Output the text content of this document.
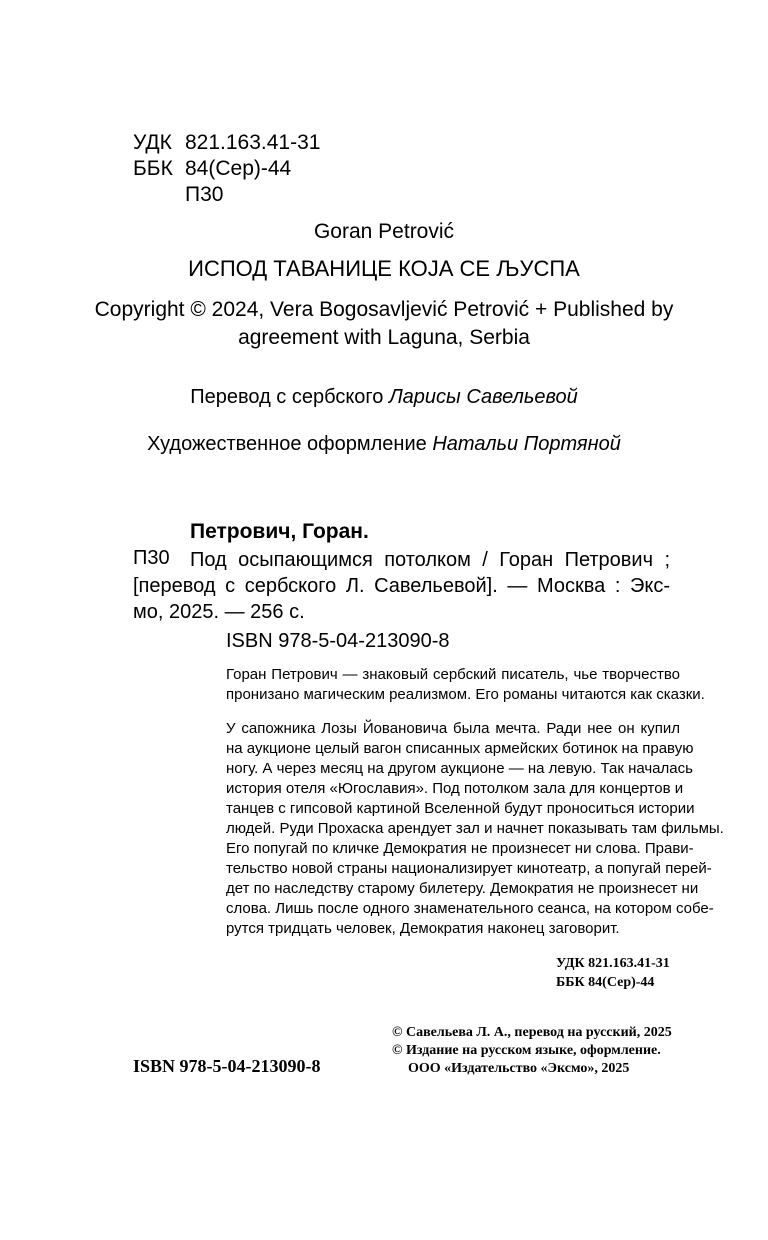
УДК 821.163.41-31
ББК 84(Сер)-44
П30
Goran Petrović
ИСПОД ТАВАНИЦЕ КОЈА СЕ ЉУСПА
Copyright © 2024, Vera Bogosavljević Petrović + Published by
agreement with Laguna, Serbia
Перевод с сербского Ларисы Савельевой
Художественное оформление Натальи Портяной
Петрович, Горан.
П30 Под осыпающимся потолком / Горан Петрович ;
[перевод с сербского Л. Савельевой]. — Москва : Экс-
мо, 2025. — 256 с.
ISBN 978-5-04-213090-8
Горан Петрович — знаковый сербский писатель, чье творчество
пронизано магическим реализмом. Его романы читаются как сказки.
У сапожника Лозы Йовановича была мечта. Ради нее он купил
на аукционе целый вагон списанных армейских ботинок на правую
ногу. А через месяц на другом аукционе — на левую. Так началась
история отеля «Югославия». Под потолком зала для концертов и
танцев с гипсовой картиной Вселенной будут проноситься истории
людей. Руди Прохаска арендует зал и начнет показывать там фильмы.
Его попугай по кличке Демократия не произнесет ни слова. Прави-
тельство новой страны национализирует кинотеатр, а попугай перей-
дет по наследству старому билетеру. Демократия не произнесет ни
слова. Лишь после одного знаменательного сеанса, на котором собе-
рутся тридцать человек, Демократия наконец заговорит.
УДК 821.163.41-31
ББК 84(Сер)-44
© Савельева Л. А., перевод на русский, 2025
© Издание на русском языке, оформление.
ООО «Издательство «Эксмо», 2025
ISBN 978-5-04-213090-8
